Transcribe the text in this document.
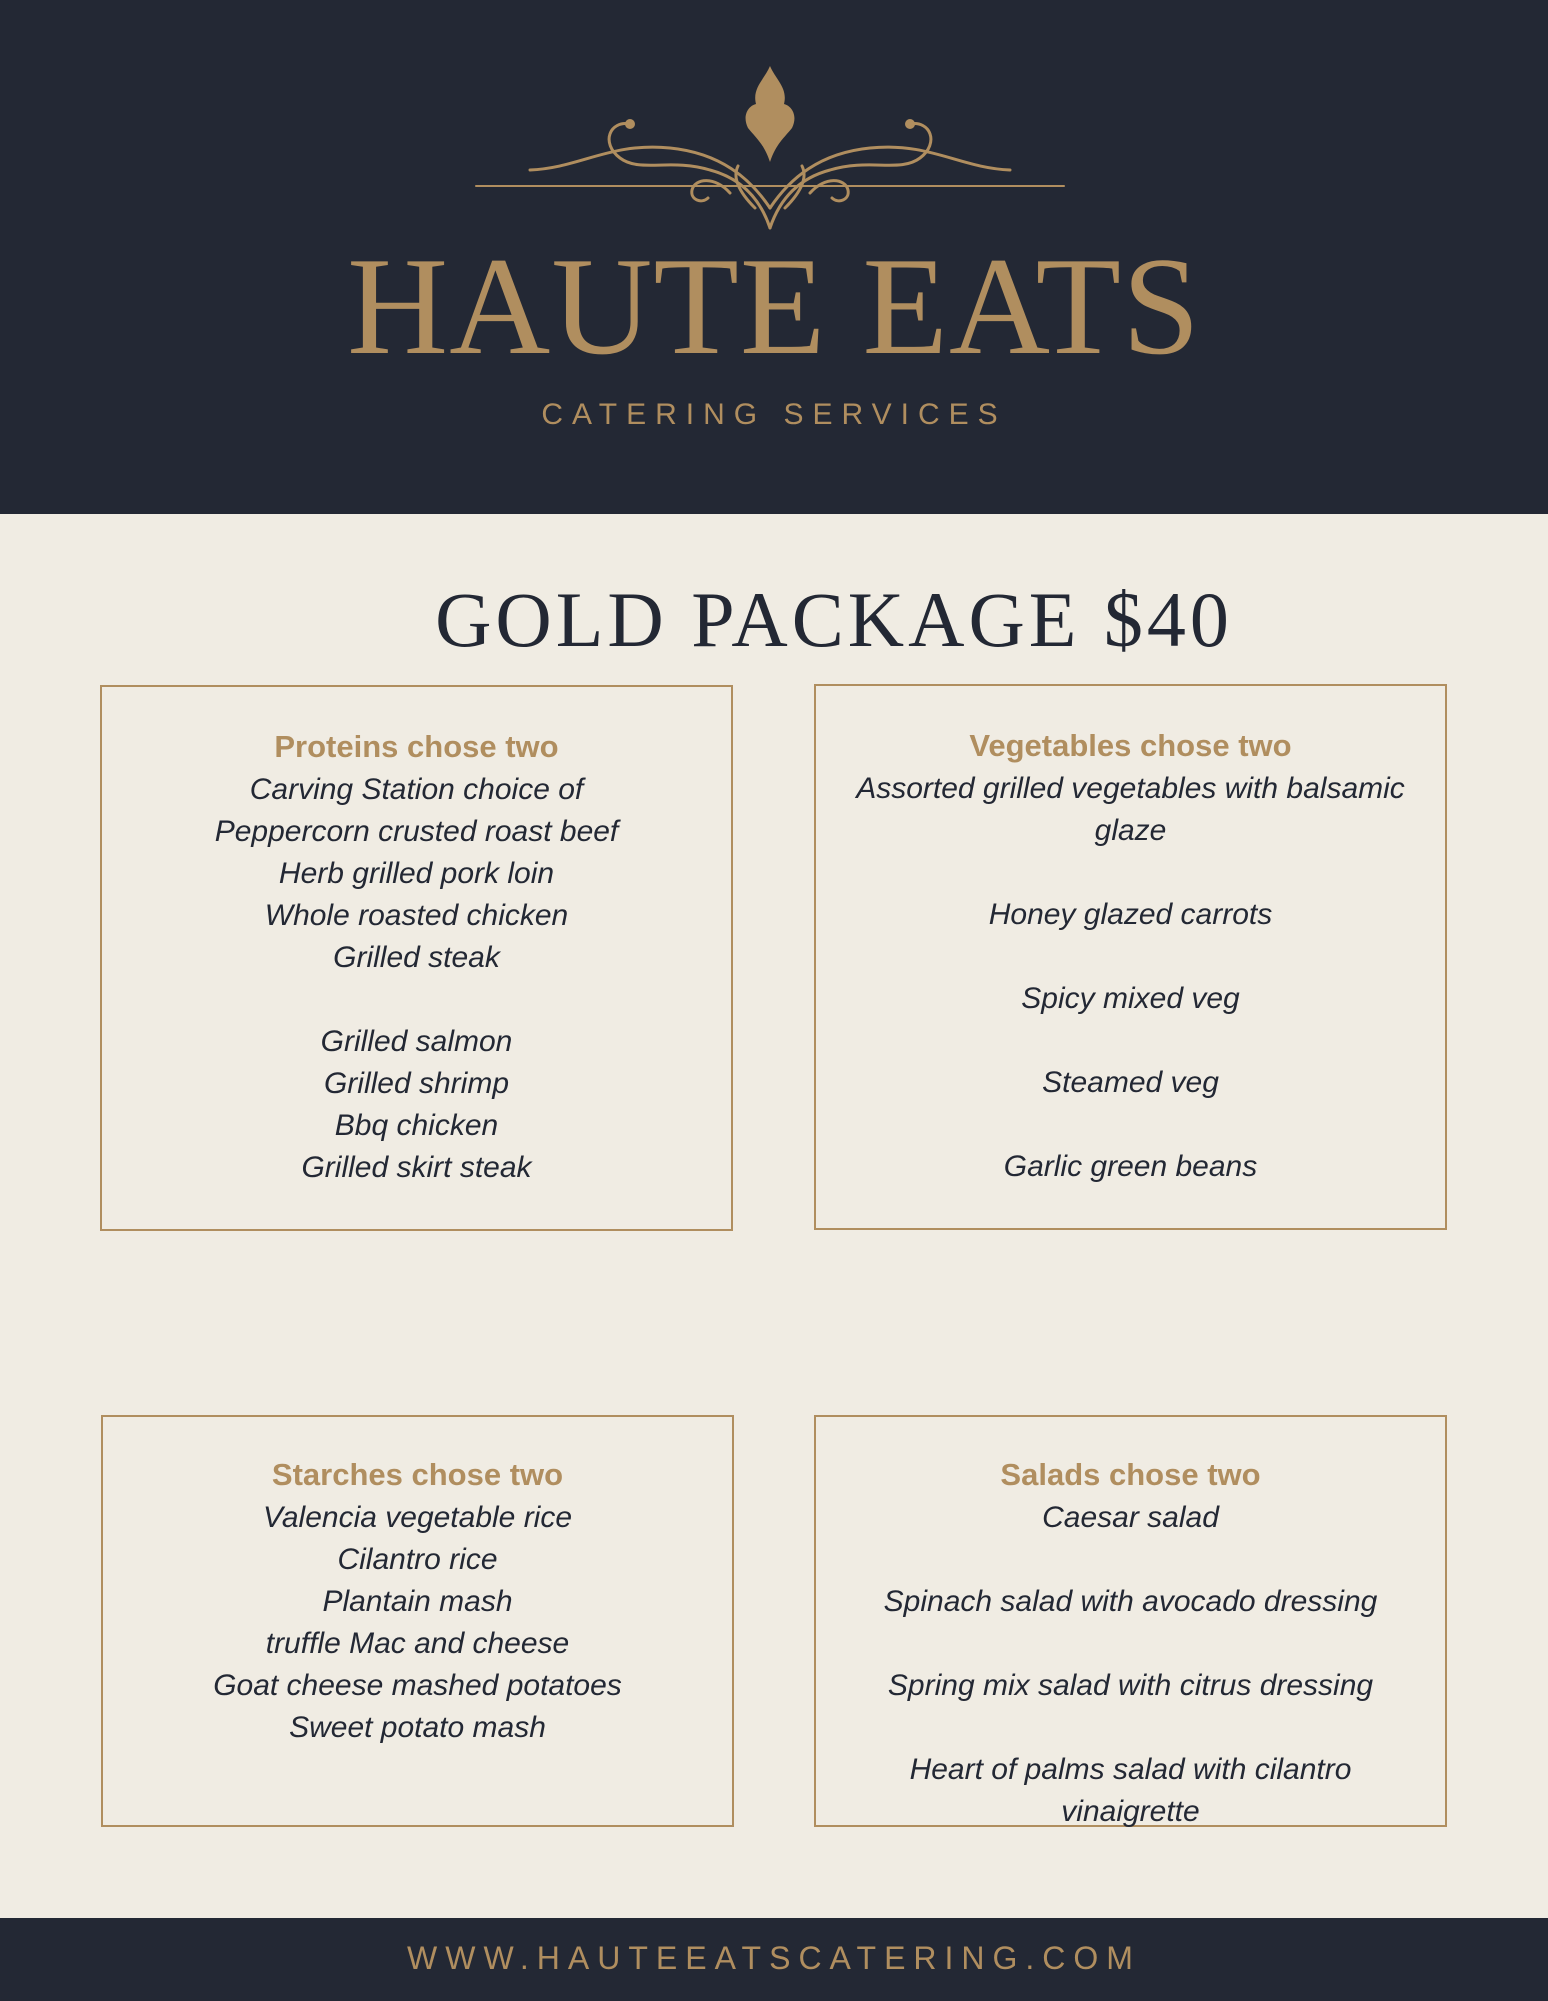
HAUTE EATS
CATERING SERVICES
GOLD PACKAGE $40
Proteins chose two
Carving Station choice of
Peppercorn crusted roast beef
Herb grilled pork loin
Whole roasted chicken
Grilled steak
Grilled salmon
Grilled shrimp
Bbq chicken
Grilled skirt steak
Vegetables chose two
Assorted grilled vegetables with balsamic glaze
Honey glazed carrots
Spicy mixed veg
Steamed veg
Garlic green beans
Starches chose two
Valencia vegetable rice
Cilantro rice
Plantain mash
truffle Mac and cheese
Goat cheese mashed potatoes
Sweet potato mash
Salads chose two
Caesar salad
Spinach salad with avocado dressing
Spring mix salad with citrus dressing
Heart of palms salad with cilantro vinaigrette
WWW.HAUTEEATSCATERING.COM
